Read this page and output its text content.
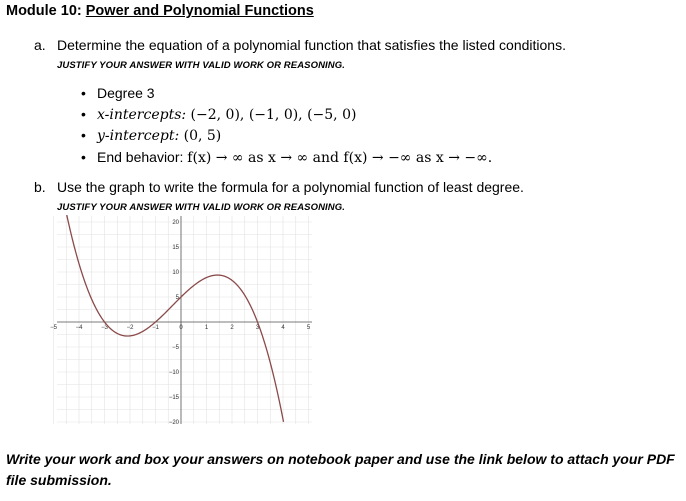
Module 10: Power and Polynomial Functions
a. Determine the equation of a polynomial function that satisfies the listed conditions.
JUSTIFY YOUR ANSWER WITH VALID WORK OR REASONING.
• Degree 3
• x-intercepts: (−2, 0), (−1, 0), (−5, 0)
• y-intercept: (0, 5)
• End behavior: f(x) → ∞ as x → ∞ and f(x) → −∞ as x → −∞.
b. Use the graph to write the formula for a polynomial function of least degree.
JUSTIFY YOUR ANSWER WITH VALID WORK OR REASONING.
−5	−4	−3	−2	−1	0	1	2	3	4	5
20
15
10
5
−5
−10
−15
−20
Write your work and box your answers on notebook paper and use the link below to attach your PDF file submission.
